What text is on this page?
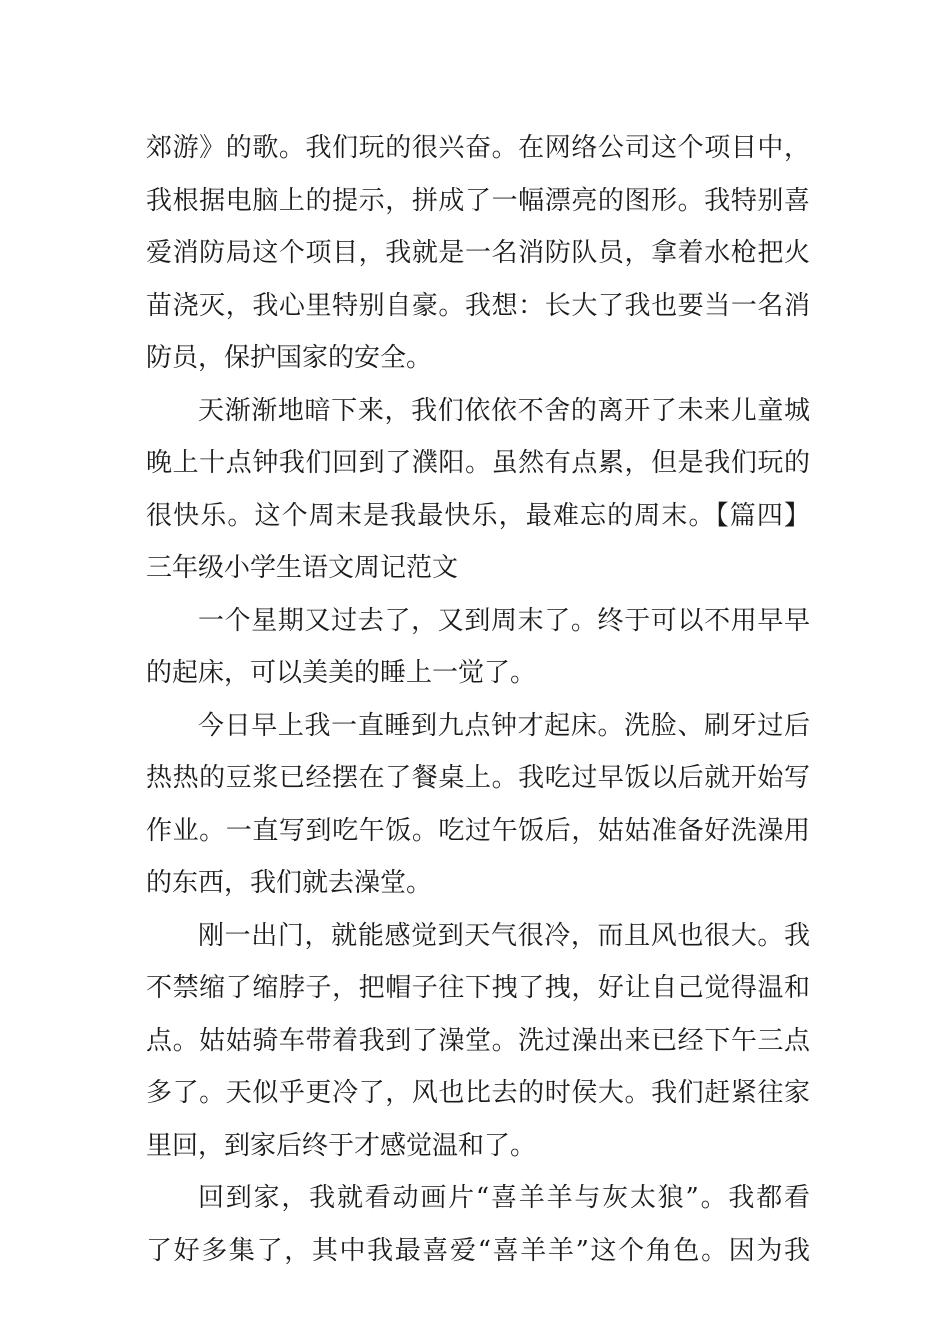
郊游》的歌。我们玩的很兴奋。在网络公司这个项目中，
我根据电脑上的提示，拼成了一幅漂亮的图形。我特别喜
爱消防局这个项目，我就是一名消防队员，拿着水枪把火
苗浇灭，我心里特别自豪。我想：长大了我也要当一名消
防员，保护国家的安全。
天渐渐地暗下来，我们依依不舍的离开了未来儿童城
晚上十点钟我们回到了濮阳。虽然有点累，但是我们玩的
很快乐。这个周末是我最快乐，最难忘的周末。【篇四】
三年级小学生语文周记范文
一个星期又过去了，又到周末了。终于可以不用早早
的起床，可以美美的睡上一觉了。
今日早上我一直睡到九点钟才起床。洗脸、刷牙过后
热热的豆浆已经摆在了餐桌上。我吃过早饭以后就开始写
作业。一直写到吃午饭。吃过午饭后，姑姑准备好洗澡用
的东西，我们就去澡堂。
刚一出门，就能感觉到天气很冷，而且风也很大。我
不禁缩了缩脖子，把帽子往下拽了拽，好让自己觉得温和
点。姑姑骑车带着我到了澡堂。洗过澡出来已经下午三点
多了。天似乎更冷了，风也比去的时侯大。我们赶紧往家
里回，到家后终于才感觉温和了。
回到家，我就看动画片“喜羊羊与灰太狼”。我都看
了好多集了，其中我最喜爱“喜羊羊”这个角色。因为我
